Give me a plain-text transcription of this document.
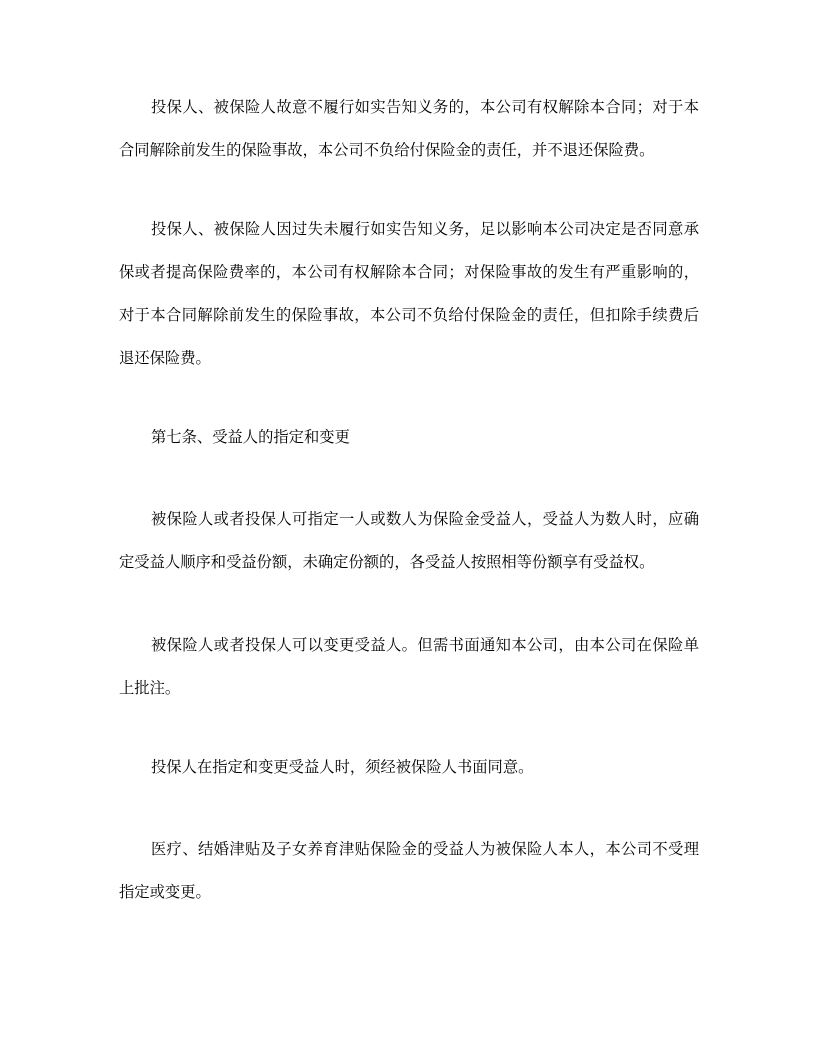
投保人、被保险人故意不履行如实告知义务的，本公司有权解除本合同；对于本合同解除前发生的保险事故，本公司不负给付保险金的责任，并不退还保险费。

投保人、被保险人因过失未履行如实告知义务，足以影响本公司决定是否同意承保或者提高保险费率的，本公司有权解除本合同；对保险事故的发生有严重影响的，对于本合同解除前发生的保险事故，本公司不负给付保险金的责任，但扣除手续费后退还保险费。

第七条、受益人的指定和变更

被保险人或者投保人可指定一人或数人为保险金受益人，受益人为数人时，应确定受益人顺序和受益份额，未确定份额的，各受益人按照相等份额享有受益权。

被保险人或者投保人可以变更受益人。但需书面通知本公司，由本公司在保险单上批注。

投保人在指定和变更受益人时，须经被保险人书面同意。

医疗、结婚津贴及子女养育津贴保险金的受益人为被保险人本人，本公司不受理指定或变更。
